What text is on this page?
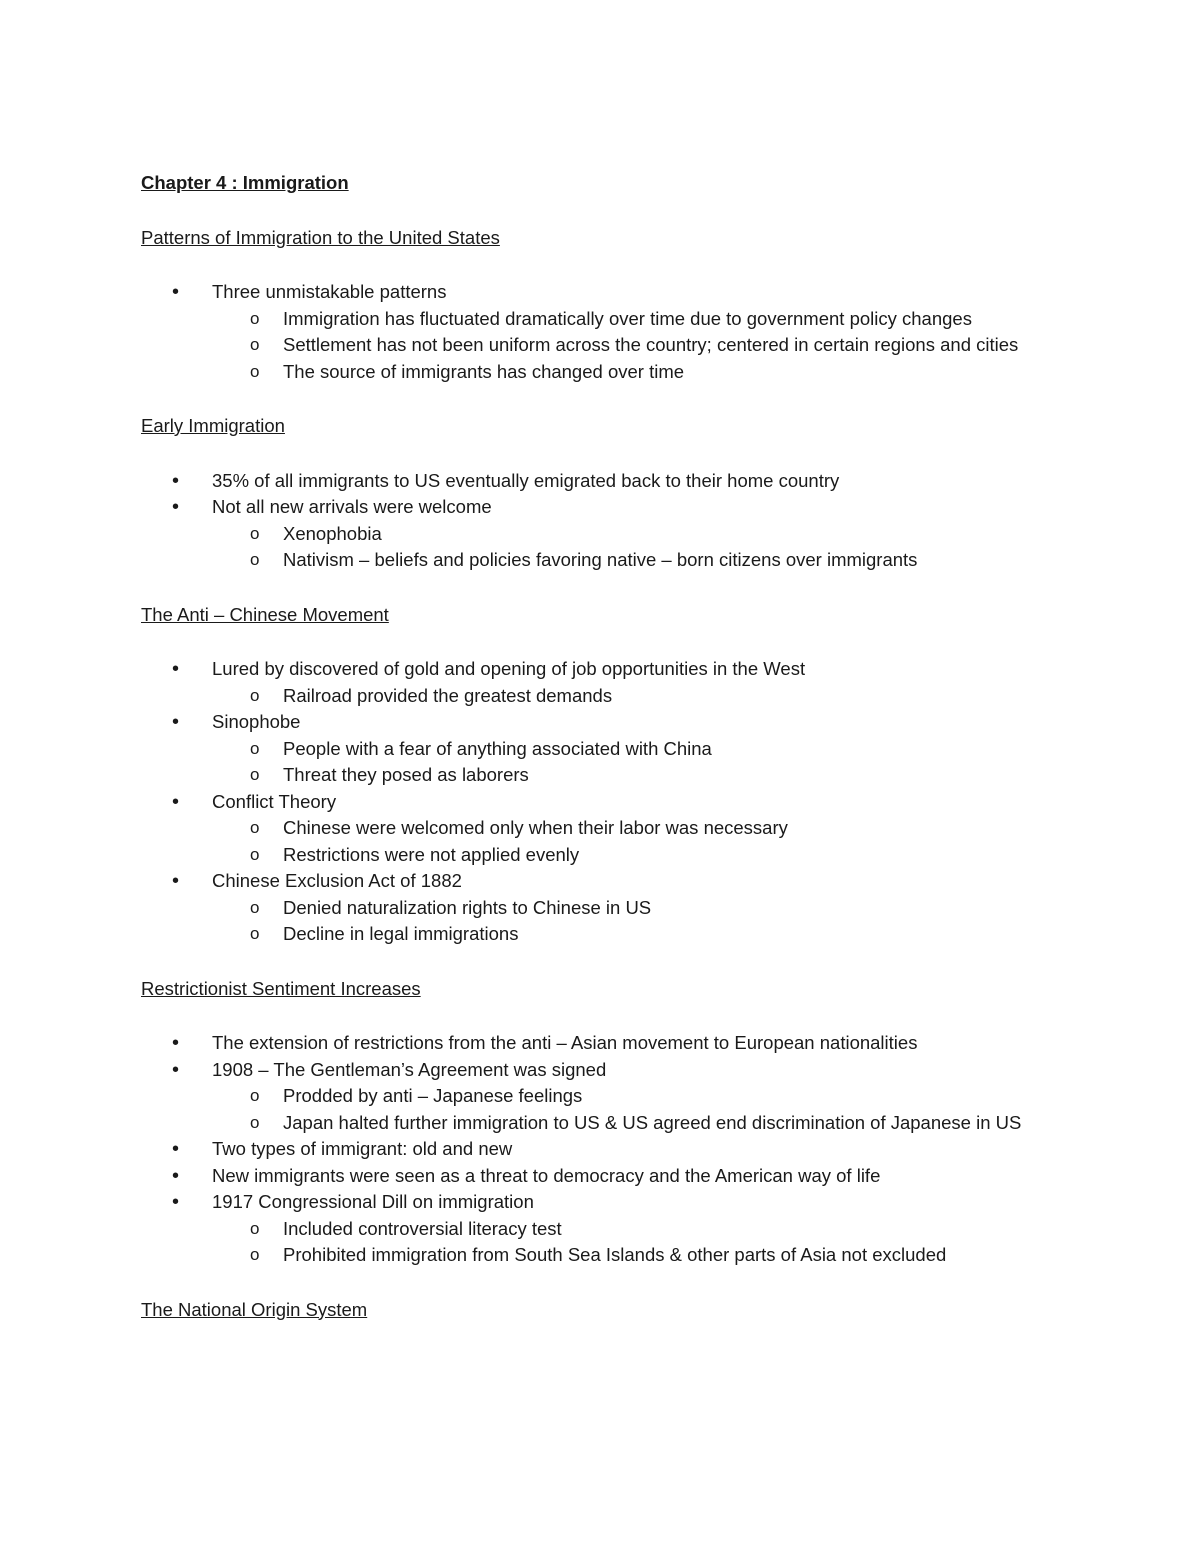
Chapter 4 : Immigration
Patterns of Immigration to the United States
• Three unmistakable patterns
o Immigration has fluctuated dramatically over time due to government policy changes
o Settlement has not been uniform across the country; centered in certain regions and cities
o The source of immigrants has changed over time
Early Immigration
• 35% of all immigrants to US eventually emigrated back to their home country
• Not all new arrivals were welcome
o Xenophobia
o Nativism – beliefs and policies favoring native – born citizens over immigrants
The Anti – Chinese Movement
• Lured by discovered of gold and opening of job opportunities in the West
o Railroad provided the greatest demands
• Sinophobe
o People with a fear of anything associated with China
o Threat they posed as laborers
• Conflict Theory
o Chinese were welcomed only when their labor was necessary
o Restrictions were not applied evenly
• Chinese Exclusion Act of 1882
o Denied naturalization rights to Chinese in US
o Decline in legal immigrations
Restrictionist Sentiment Increases
• The extension of restrictions from the anti – Asian movement to European nationalities
• 1908 – The Gentleman’s Agreement was signed
o Prodded by anti – Japanese feelings
o Japan halted further immigration to US & US agreed end discrimination of Japanese in US
• Two types of immigrant: old and new
• New immigrants were seen as a threat to democracy and the American way of life
• 1917 Congressional Dill on immigration
o Included controversial literacy test
o Prohibited immigration from South Sea Islands & other parts of Asia not excluded
The National Origin System
